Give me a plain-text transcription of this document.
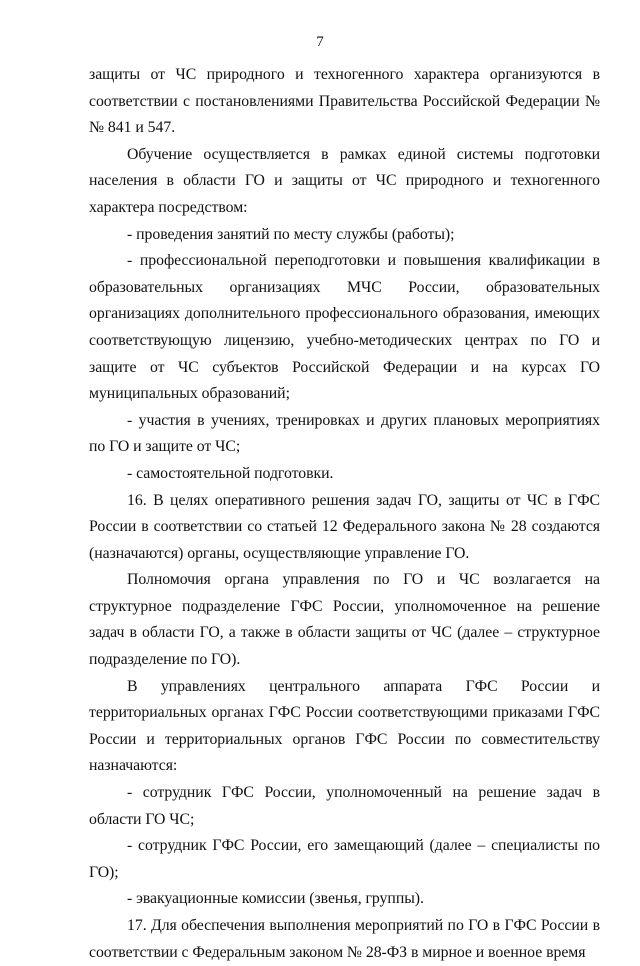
7

защиты от ЧС природного и техногенного характера организуются в соответствии с постановлениями Правительства Российской Федерации №№ 841 и 547.

Обучение осуществляется в рамках единой системы подготовки населения в области ГО и защиты от ЧС природного и техногенного характера посредством:

- проведения занятий по месту службы (работы);

- профессиональной переподготовки и повышения квалификации в образовательных организациях МЧС России, образовательных организациях дополнительного профессионального образования, имеющих соответствующую лицензию, учебно-методических центрах по ГО и защите от ЧС субъектов Российской Федерации и на курсах ГО муниципальных образований;

- участия в учениях, тренировках и других плановых мероприятиях по ГО и защите от ЧС;

- самостоятельной подготовки.

16. В целях оперативного решения задач ГО, защиты от ЧС в ГФС России в соответствии со статьей 12 Федерального закона № 28 создаются (назначаются) органы, осуществляющие управление ГО.

Полномочия органа управления по ГО и ЧС возлагается на структурное подразделение ГФС России, уполномоченное на решение задач в области ГО, а также в области защиты от ЧС (далее – структурное подразделение по ГО).

В управлениях центрального аппарата ГФС России и территориальных органах ГФС России соответствующими приказами ГФС России и территориальных органов ГФС России по совместительству назначаются:

- сотрудник ГФС России, уполномоченный на решение задач в области ГО ЧС;

- сотрудник ГФС России, его замещающий (далее – специалисты по ГО);

- эвакуационные комиссии (звенья, группы).

17. Для обеспечения выполнения мероприятий по ГО в ГФС России в соответствии с Федеральным законом № 28-ФЗ в мирное и военное время
